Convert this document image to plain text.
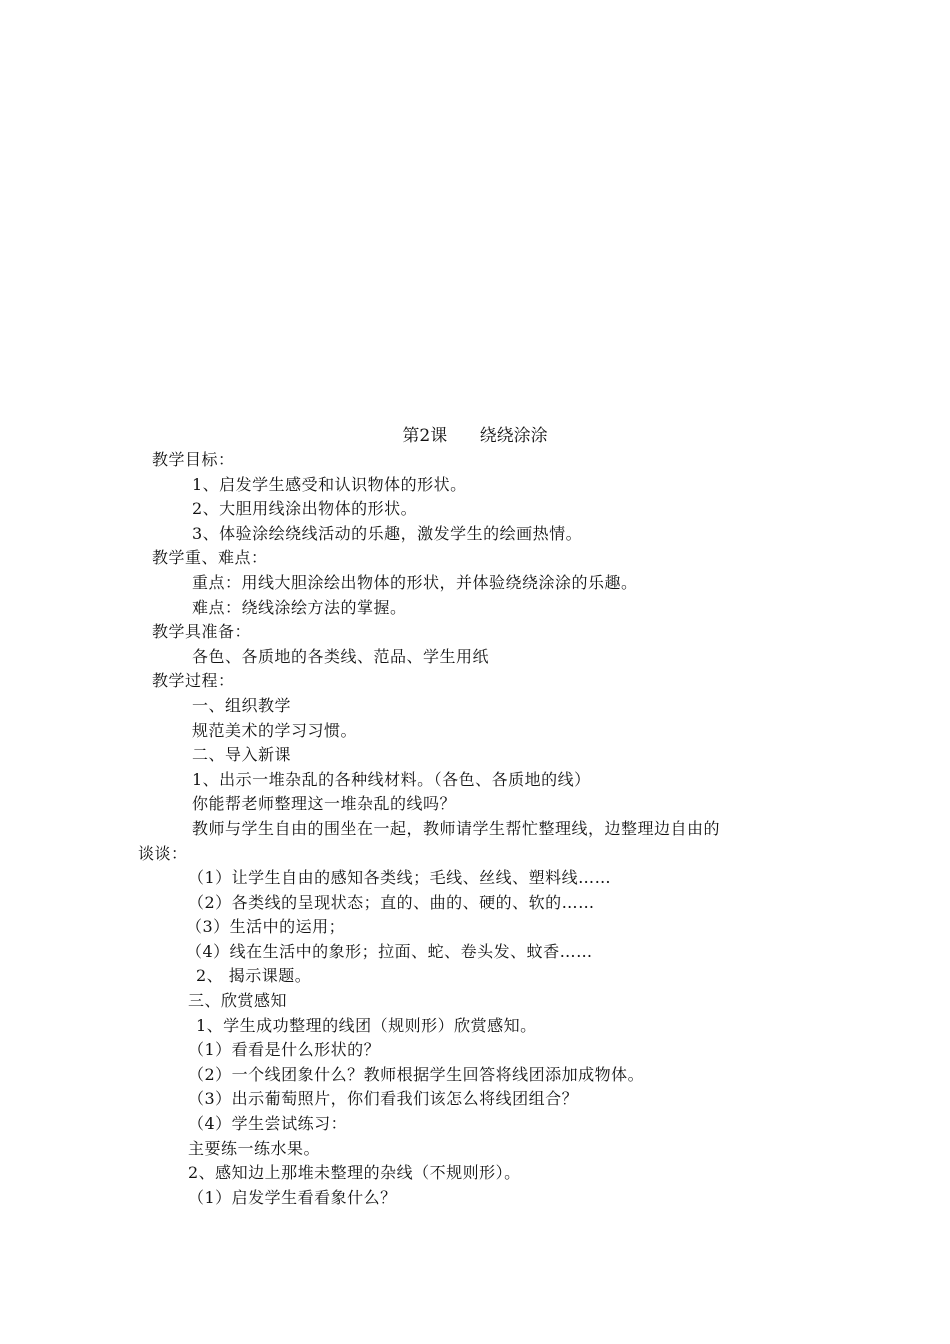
第2课      绕绕涂涂
教学目标：
1、启发学生感受和认识物体的形状。
2、大胆用线涂出物体的形状。
3、体验涂绘绕线活动的乐趣，激发学生的绘画热情。
教学重、难点：
重点：用线大胆涂绘出物体的形状，并体验绕绕涂涂的乐趣。
难点：绕线涂绘方法的掌握。
教学具准备：
各色、各质地的各类线、范品、学生用纸
教学过程：
一、组织教学
规范美术的学习习惯。
二、导入新课
1、出示一堆杂乱的各种线材料。（各色、各质地的线）
你能帮老师整理这一堆杂乱的线吗？
教师与学生自由的围坐在一起，教师请学生帮忙整理线，边整理边自由的
谈谈：
（1）让学生自由的感知各类线；毛线、丝线、塑料线……
（2）各类线的呈现状态；直的、曲的、硬的、软的……
（3）生活中的运用；
（4）线在生活中的象形；拉面、蛇、卷头发、蚊香……
2、 揭示课题。
三、欣赏感知
1、学生成功整理的线团（规则形）欣赏感知。
（1）看看是什么形状的？
（2）一个线团象什么？教师根据学生回答将线团添加成物体。
（3）出示葡萄照片，你们看我们该怎么将线团组合？
（4）学生尝试练习：
主要练一练水果。
2、感知边上那堆未整理的杂线（不规则形）。
（1）启发学生看看象什么？
